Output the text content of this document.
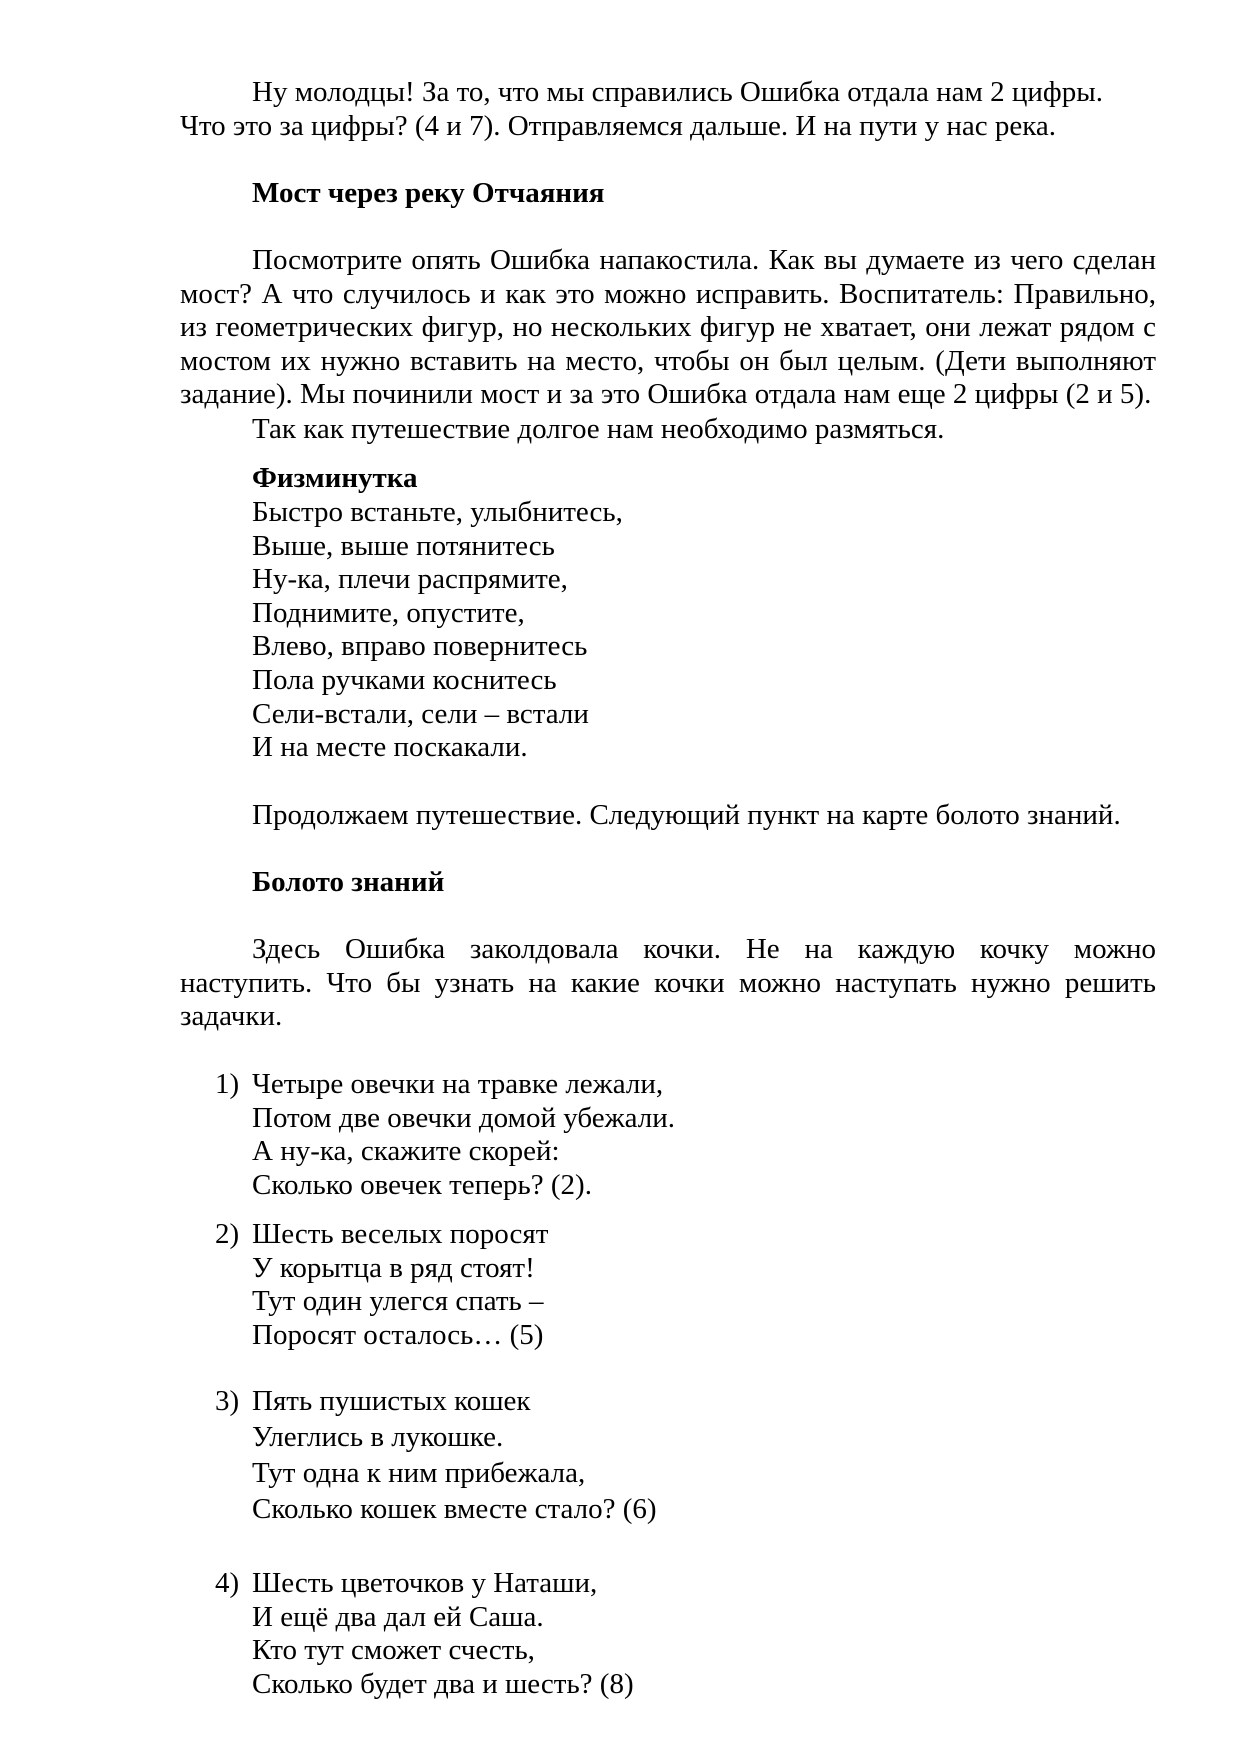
Ну молодцы! За то, что мы справились Ошибка отдала нам 2 цифры.
Что это за цифры? (4 и 7). Отправляемся дальше. И на пути у нас река.
Мост через реку Отчаяния
Посмотрите опять Ошибка напакостила. Как вы думаете из чего сделан
мост? А что случилось и как это можно исправить. Воспитатель: Правильно,
из геометрических фигур, но нескольких фигур не хватает, они лежат рядом с
мостом их нужно вставить на место, чтобы он был целым. (Дети выполняют
задание). Мы починили мост и за это Ошибка отдала нам еще 2 цифры (2 и 5).
Так как путешествие долгое нам необходимо размяться.
Физминутка
Быстро встаньте, улыбнитесь,
Выше, выше потянитесь
Ну-ка, плечи распрямите,
Поднимите, опустите,
Влево, вправо повернитесь
Пола ручками коснитесь
Сели-встали, сели – встали
И на месте поскакали.
Продолжаем путешествие. Следующий пункт на карте болото знаний.
Болото знаний
Здесь Ошибка заколдовала кочки. Не на каждую кочку можно
наступить. Что бы узнать на какие кочки можно наступать нужно решить
задачки.
1) Четыре овечки на травке лежали,
Потом две овечки домой убежали.
А ну-ка, скажите скорей:
Сколько овечек теперь? (2).
2) Шесть веселых поросят
У корытца в ряд стоят!
Тут один улегся спать –
Поросят осталось… (5)
3) Пять пушистых кошек
Улеглись в лукошке.
Тут одна к ним прибежала,
Сколько кошек вместе стало? (6)
4) Шесть цветочков у Наташи,
И ещё два дал ей Саша.
Кто тут сможет счесть,
Сколько будет два и шесть? (8)
